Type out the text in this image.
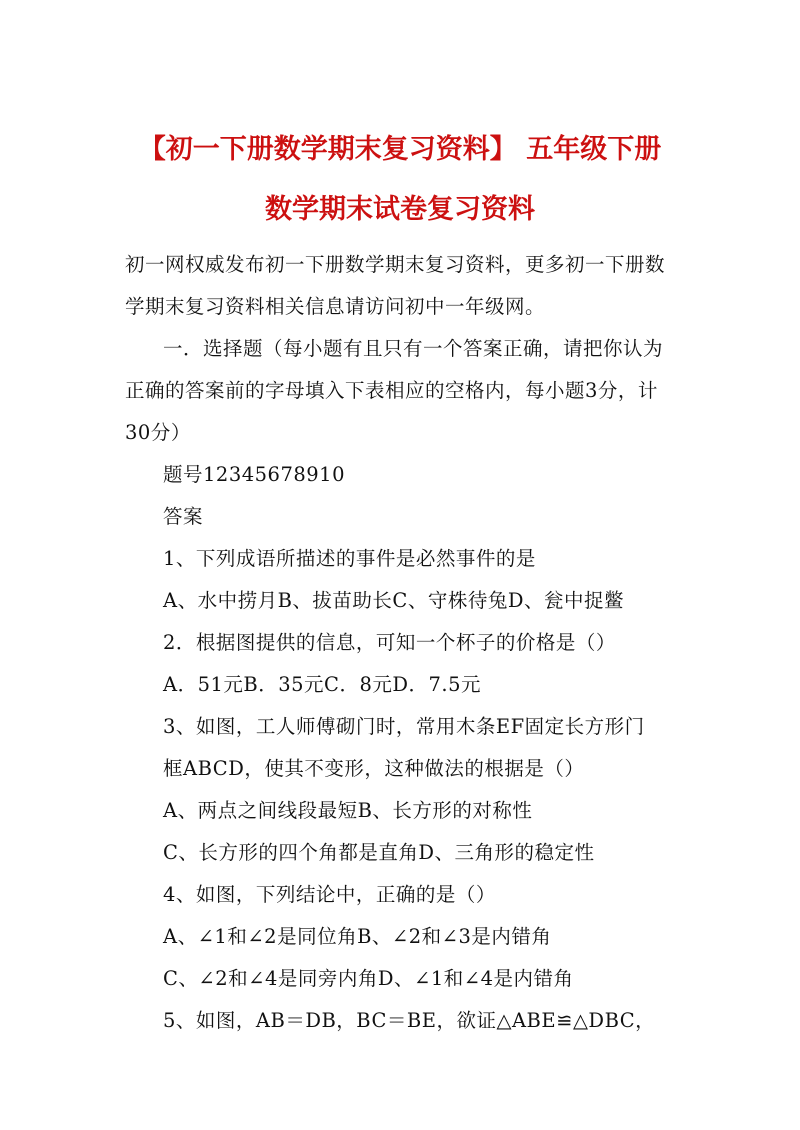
【初一下册数学期末复习资料】 五年级下册
数学期末试卷复习资料
初一网权威发布初一下册数学期末复习资料，更多初一下册数
学期末复习资料相关信息请访问初中一年级网。
一．选择题（每小题有且只有一个答案正确，请把你认为
正确的答案前的字母填入下表相应的空格内，每小题3分，计
30分）
题号12345678910
答案
1、下列成语所描述的事件是必然事件的是
A、水中捞月B、拔苗助长C、守株待兔D、瓮中捉鳖
2．根据图提供的信息，可知一个杯子的价格是（）
A．51元B．35元C．8元D．7.5元
3、如图，工人师傅砌门时，常用木条EF固定长方形门
框ABCD，使其不变形，这种做法的根据是（）
A、两点之间线段最短B、长方形的对称性
C、长方形的四个角都是直角D、三角形的稳定性
4、如图，下列结论中，正确的是（）
A、∠1和∠2是同位角B、∠2和∠3是内错角
C、∠2和∠4是同旁内角D、∠1和∠4是内错角
5、如图，AB＝DB，BC＝BE，欲证△ABE≌△DBC，
